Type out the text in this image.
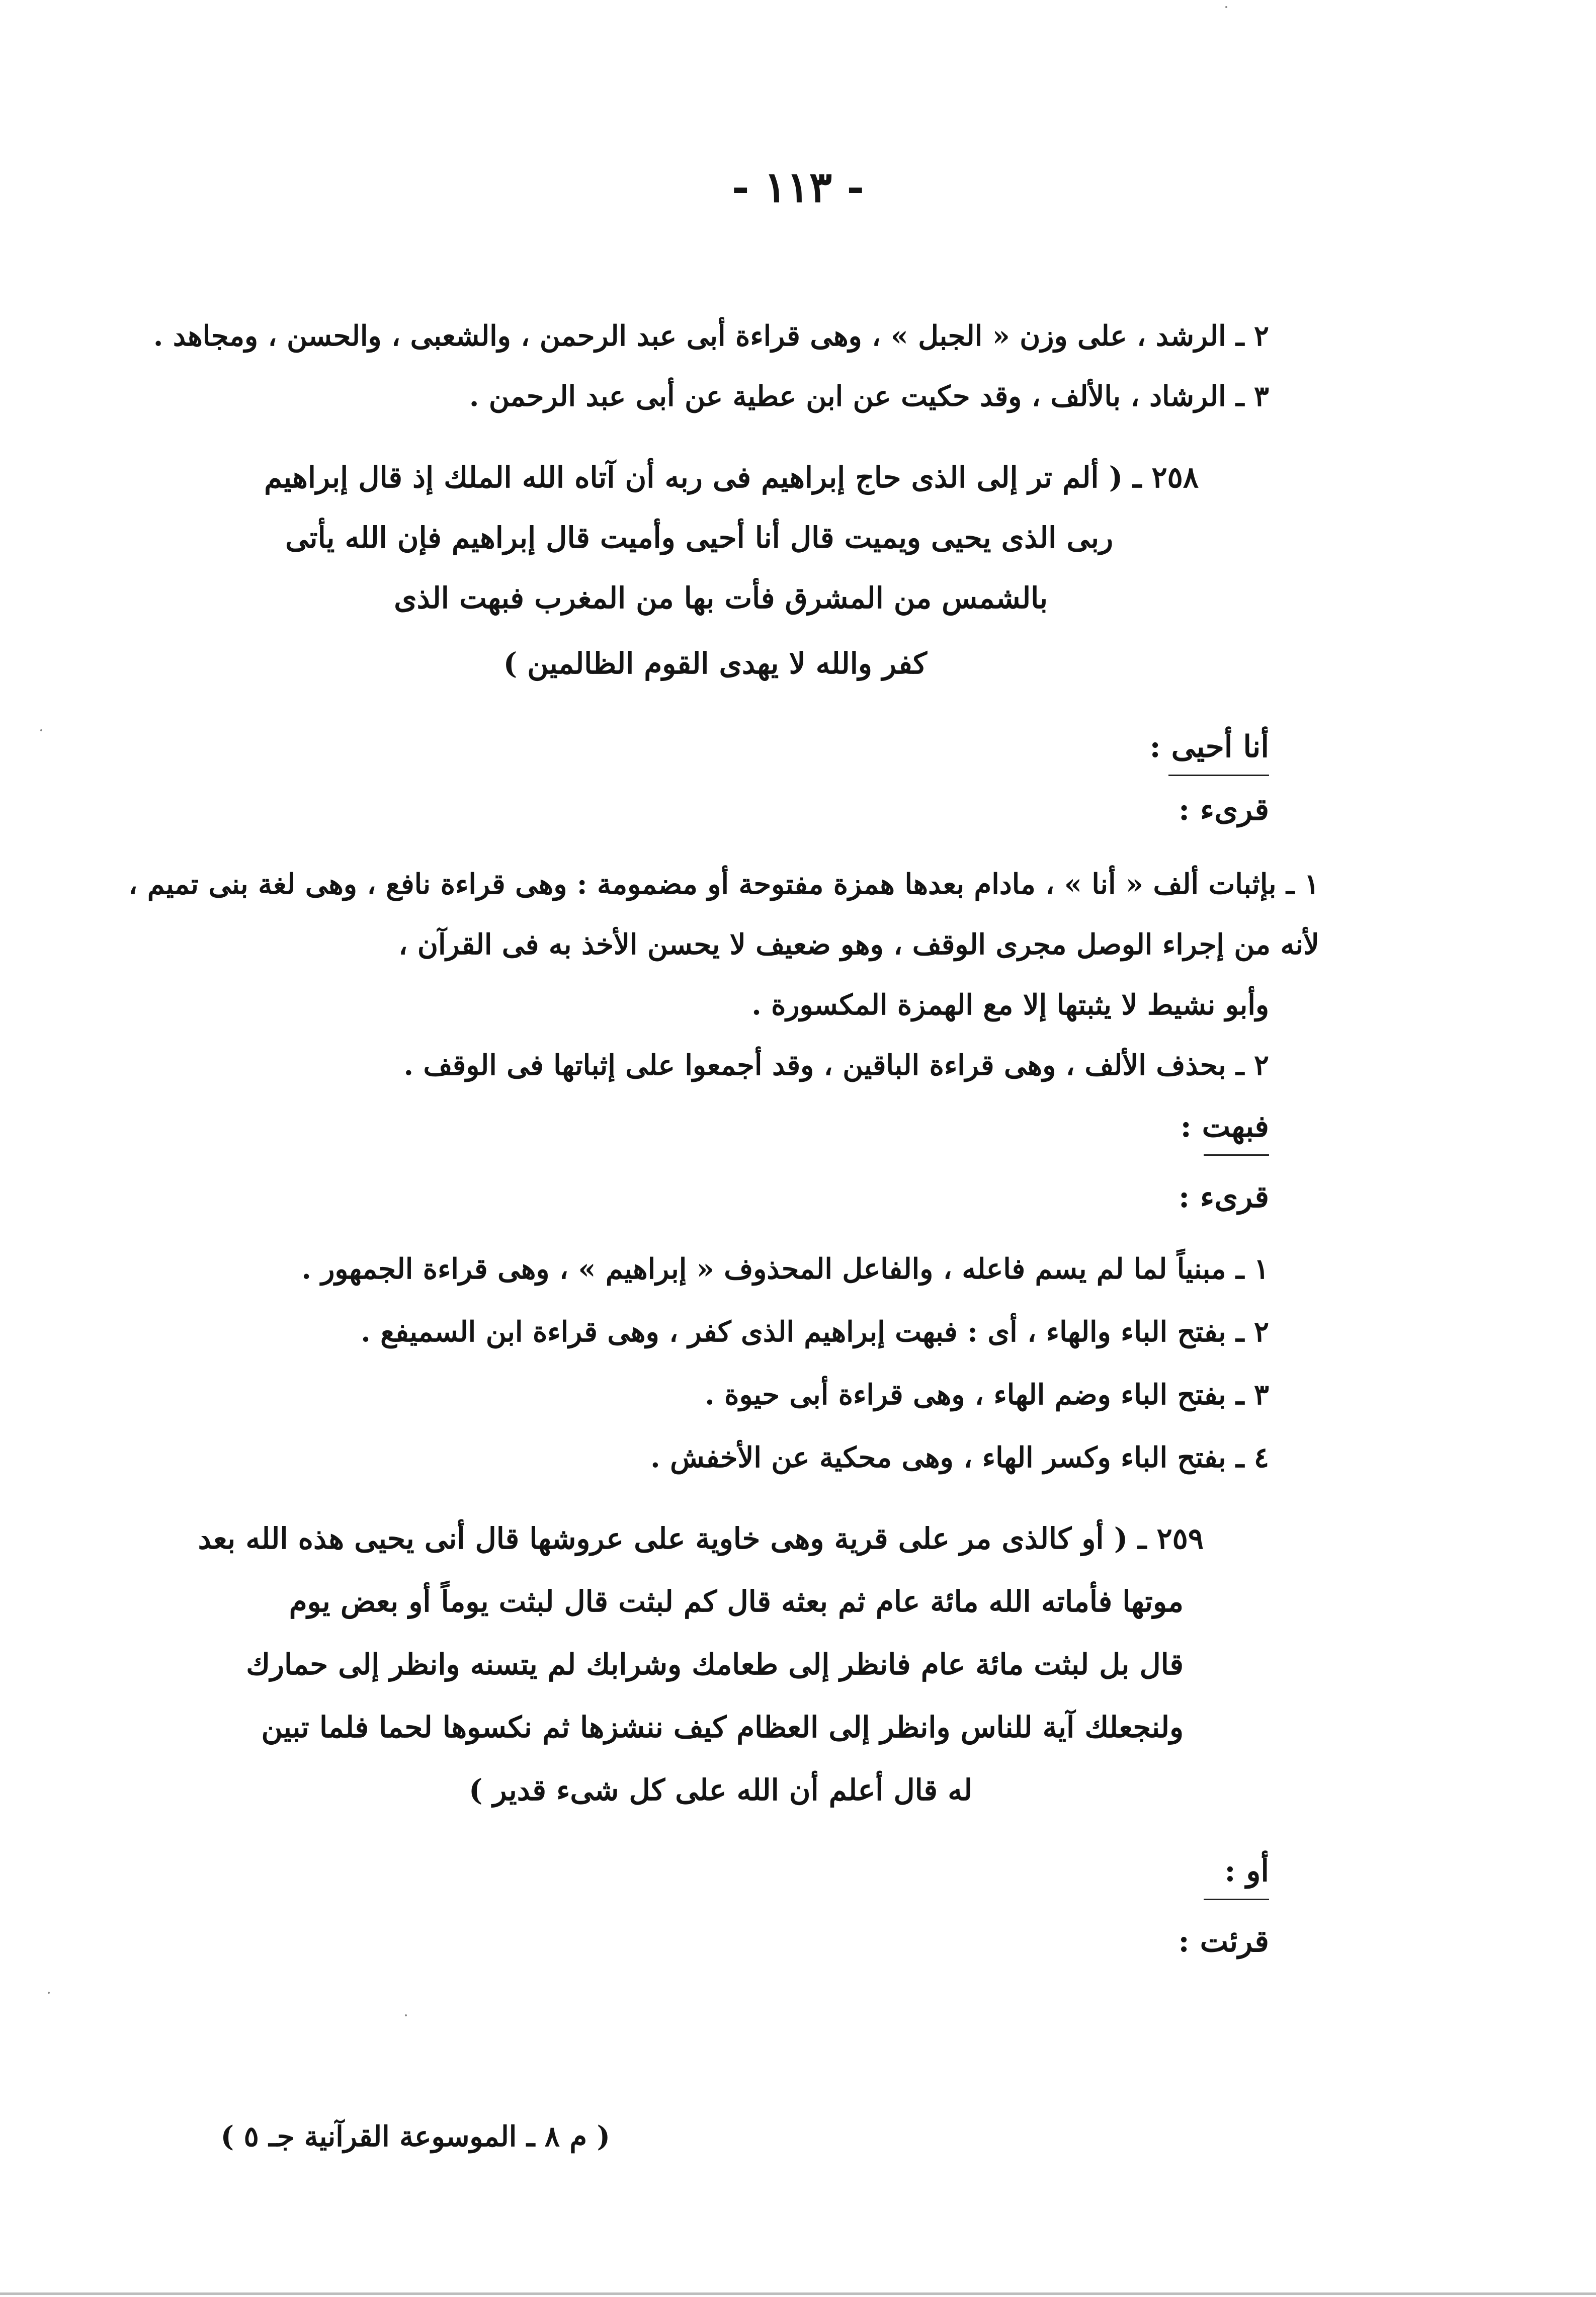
- ١١٣ -
٢ ـ الرشد ، على وزن « الجبل » ، وهى قراءة أبى عبد الرحمن ، والشعبى ، والحسن ، ومجاهد .
٣ ـ الرشاد ، بالألف ، وقد حكيت عن ابن عطية عن أبى عبد الرحمن .
٢٥٨ ـ ( ألم تر إلى الذى حاج إبراهيم فى ربه أن آتاه الله الملك إذ قال إبراهيم
ربى الذى يحيى ويميت قال أنا أحيى وأميت قال إبراهيم فإن الله يأتى
بالشمس من المشرق فأت بها من المغرب فبهت الذى
كفر والله لا يهدى القوم الظالمين )
أنا أحيى :
قرىء :
١ ـ بإثبات ألف « أنا » ، مادام بعدها همزة مفتوحة أو مضمومة : وهى قراءة نافع ، وهى لغة بنى تميم ،
لأنه من إجراء الوصل مجرى الوقف ، وهو ضعيف لا يحسن الأخذ به فى القرآن ،
وأبو نشيط لا يثبتها إلا مع الهمزة المكسورة .
٢ ـ بحذف الألف ، وهى قراءة الباقين ، وقد أجمعوا على إثباتها فى الوقف .
فبهت :
قرىء :
١ ـ مبنياً لما لم يسم فاعله ، والفاعل المحذوف « إبراهيم » ، وهى قراءة الجمهور .
٢ ـ بفتح الباء والهاء ، أى : فبهت إبراهيم الذى كفر ، وهى قراءة ابن السميفع .
٣ ـ بفتح الباء وضم الهاء ، وهى قراءة أبى حيوة .
٤ ـ بفتح الباء وكسر الهاء ، وهى محكية عن الأخفش .
٢٥٩ ـ ( أو كالذى مر على قرية وهى خاوية على عروشها قال أنى يحيى هذه الله بعد
موتها فأماته الله مائة عام ثم بعثه قال كم لبثت قال لبثت يوماً أو بعض يوم
قال بل لبثت مائة عام فانظر إلى طعامك وشرابك لم يتسنه وانظر إلى حمارك
ولنجعلك آية للناس وانظر إلى العظام كيف ننشزها ثم نكسوها لحما فلما تبين
له قال أعلم أن الله على كل شىء قدير )
أو :
قرئت :
( م ٨ ـ الموسوعة القرآنية جـ ٥ )
